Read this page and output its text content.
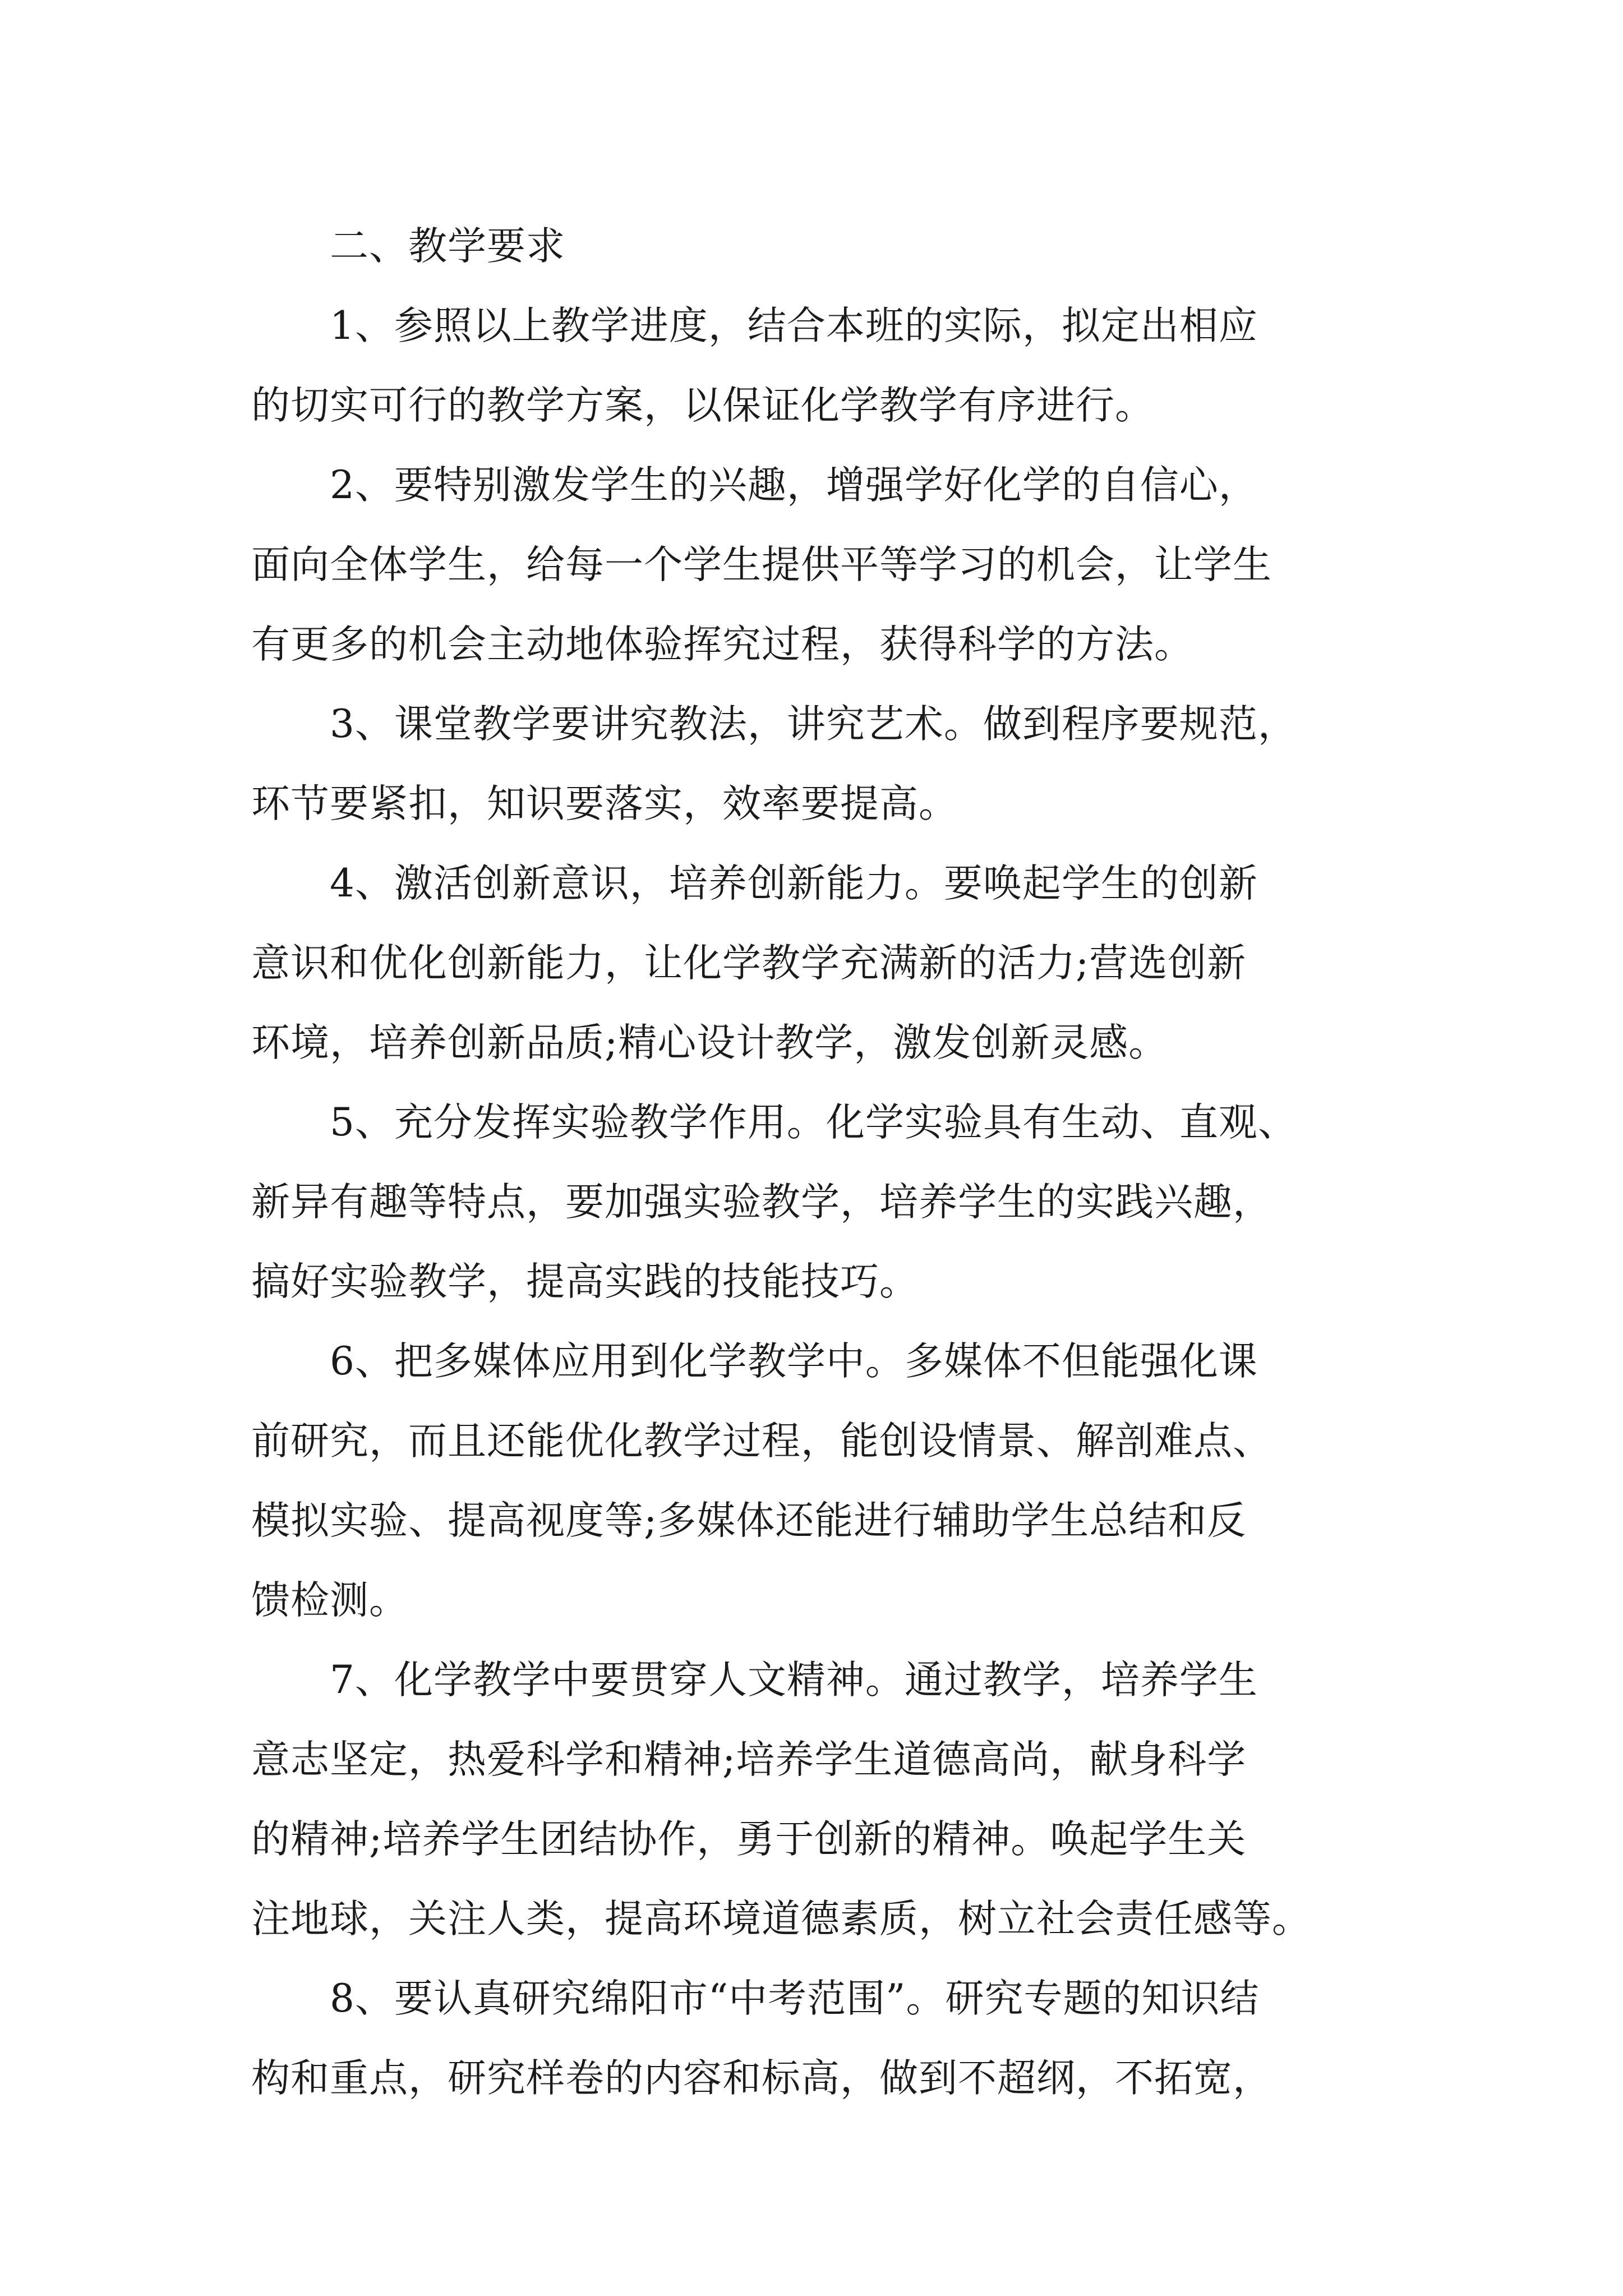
二、教学要求
1、参照以上教学进度，结合本班的实际，拟定出相应
的切实可行的教学方案，以保证化学教学有序进行。
2、要特别激发学生的兴趣，增强学好化学的自信心，
面向全体学生，给每一个学生提供平等学习的机会，让学生
有更多的机会主动地体验挥究过程，获得科学的方法。
3、课堂教学要讲究教法，讲究艺术。做到程序要规范，
环节要紧扣，知识要落实，效率要提高。
4、激活创新意识，培养创新能力。要唤起学生的创新
意识和优化创新能力，让化学教学充满新的活力;营选创新
环境，培养创新品质;精心设计教学，激发创新灵感。
5、充分发挥实验教学作用。化学实验具有生动、直观、
新异有趣等特点，要加强实验教学，培养学生的实践兴趣，
搞好实验教学，提高实践的技能技巧。
6、把多媒体应用到化学教学中。多媒体不但能强化课
前研究，而且还能优化教学过程，能创设情景、解剖难点、
模拟实验、提高视度等;多媒体还能进行辅助学生总结和反
馈检测。
7、化学教学中要贯穿人文精神。通过教学，培养学生
意志坚定，热爱科学和精神;培养学生道德高尚，献身科学
的精神;培养学生团结协作，勇于创新的精神。唤起学生关
注地球，关注人类，提高环境道德素质，树立社会责任感等。
8、要认真研究绵阳市“中考范围”。研究专题的知识结
构和重点，研究样卷的内容和标高，做到不超纲，不拓宽，
